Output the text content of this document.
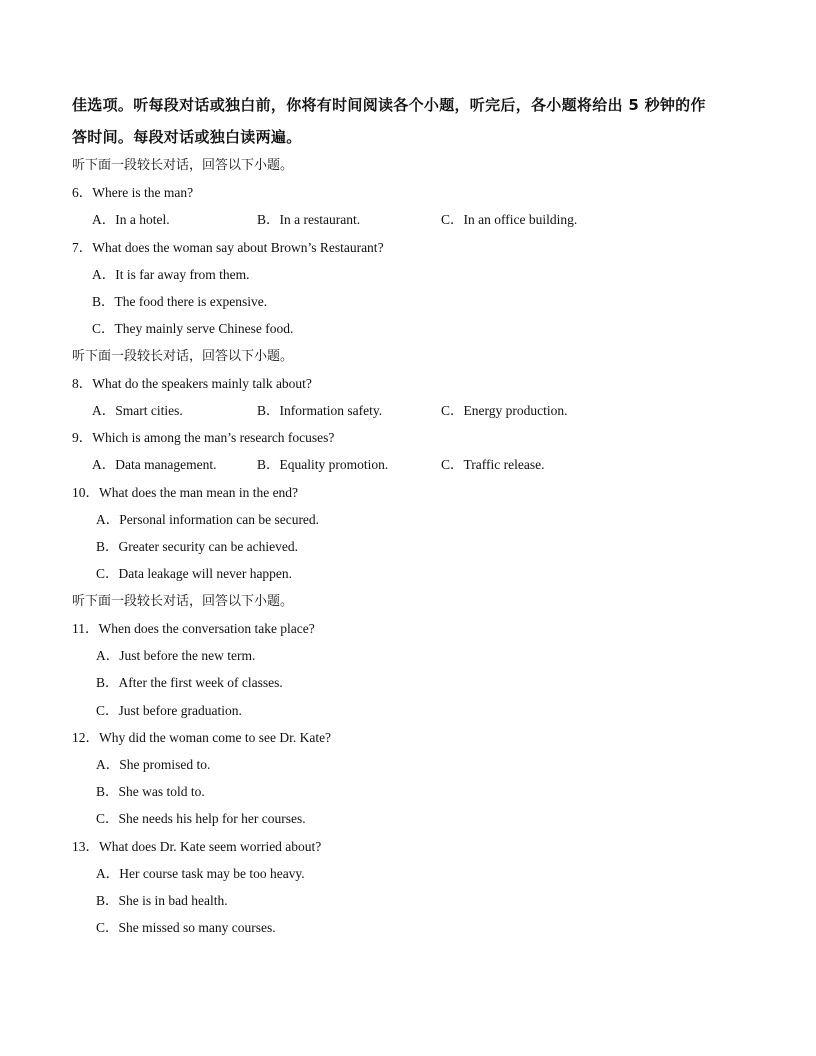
佳选项。听每段对话或独白前，你将有时间阅读各个小题，听完后，各小题将给出 5 秒钟的作
答时间。每段对话或独白读两遍。
听下面一段较长对话，回答以下小题。
6．Where is the man?
A．In a hotel.	B．In a restaurant.	C．In an office building.
7．What does the woman say about Brown’s Restaurant?
A．It is far away from them.
B．The food there is expensive.
C．They mainly serve Chinese food.
听下面一段较长对话，回答以下小题。
8．What do the speakers mainly talk about?
A．Smart cities.	B．Information safety.	C．Energy production.
9．Which is among the man’s research focuses?
A．Data management.	B．Equality promotion.	C．Traffic release.
10．What does the man mean in the end?
A．Personal information can be secured.
B．Greater security can be achieved.
C．Data leakage will never happen.
听下面一段较长对话，回答以下小题。
11．When does the conversation take place?
A．Just before the new term.
B．After the first week of classes.
C．Just before graduation.
12．Why did the woman come to see Dr. Kate?
A．She promised to.
B．She was told to.
C．She needs his help for her courses.
13．What does Dr. Kate seem worried about?
A．Her course task may be too heavy.
B．She is in bad health.
C．She missed so many courses.
